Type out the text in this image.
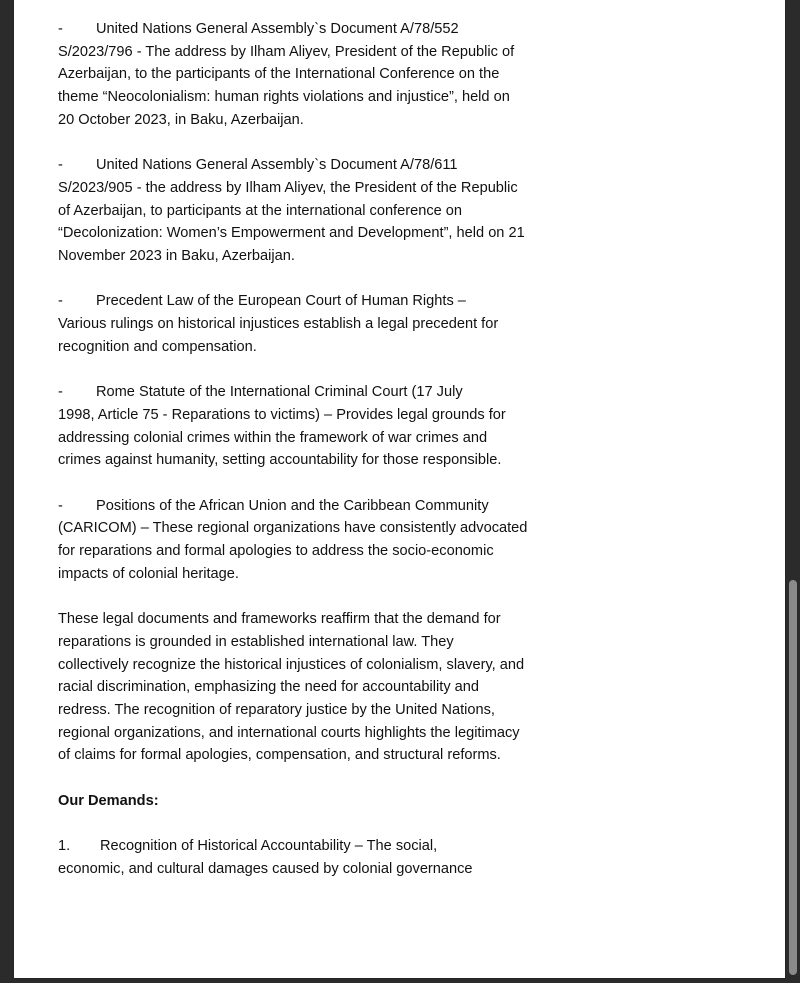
- United Nations General Assembly`s Document A/78/552
S/2023/796 - The address by Ilham Aliyev, President of the Republic of Azerbaijan, to the participants of the International Conference on the theme “Neocolonialism: human rights violations and injustice”, held on 20 October 2023, in Baku, Azerbaijan.
- United Nations General Assembly`s Document A/78/611
S/2023/905 - the address by Ilham Aliyev, the President of the Republic of Azerbaijan, to participants at the international conference on “Decolonization: Women’s Empowerment and Development”, held on 21 November 2023 in Baku, Azerbaijan.
- Precedent Law of the European Court of Human Rights –
Various rulings on historical injustices establish a legal precedent for recognition and compensation.
- Rome Statute of the International Criminal Court (17 July
1998, Article 75 - Reparations to victims) – Provides legal grounds for addressing colonial crimes within the framework of war crimes and crimes against humanity, setting accountability for those responsible.
- Positions of the African Union and the Caribbean Community
(CARICOM) – These regional organizations have consistently advocated for reparations and formal apologies to address the socio-economic impacts of colonial heritage.
These legal documents and frameworks reaffirm that the demand for reparations is grounded in established international law. They collectively recognize the historical injustices of colonialism, slavery, and racial discrimination, emphasizing the need for accountability and redress. The recognition of reparatory justice by the United Nations, regional organizations, and international courts highlights the legitimacy of claims for formal apologies, compensation, and structural reforms.
Our Demands:
1. Recognition of Historical Accountability – The social,
economic, and cultural damages caused by colonial governance
